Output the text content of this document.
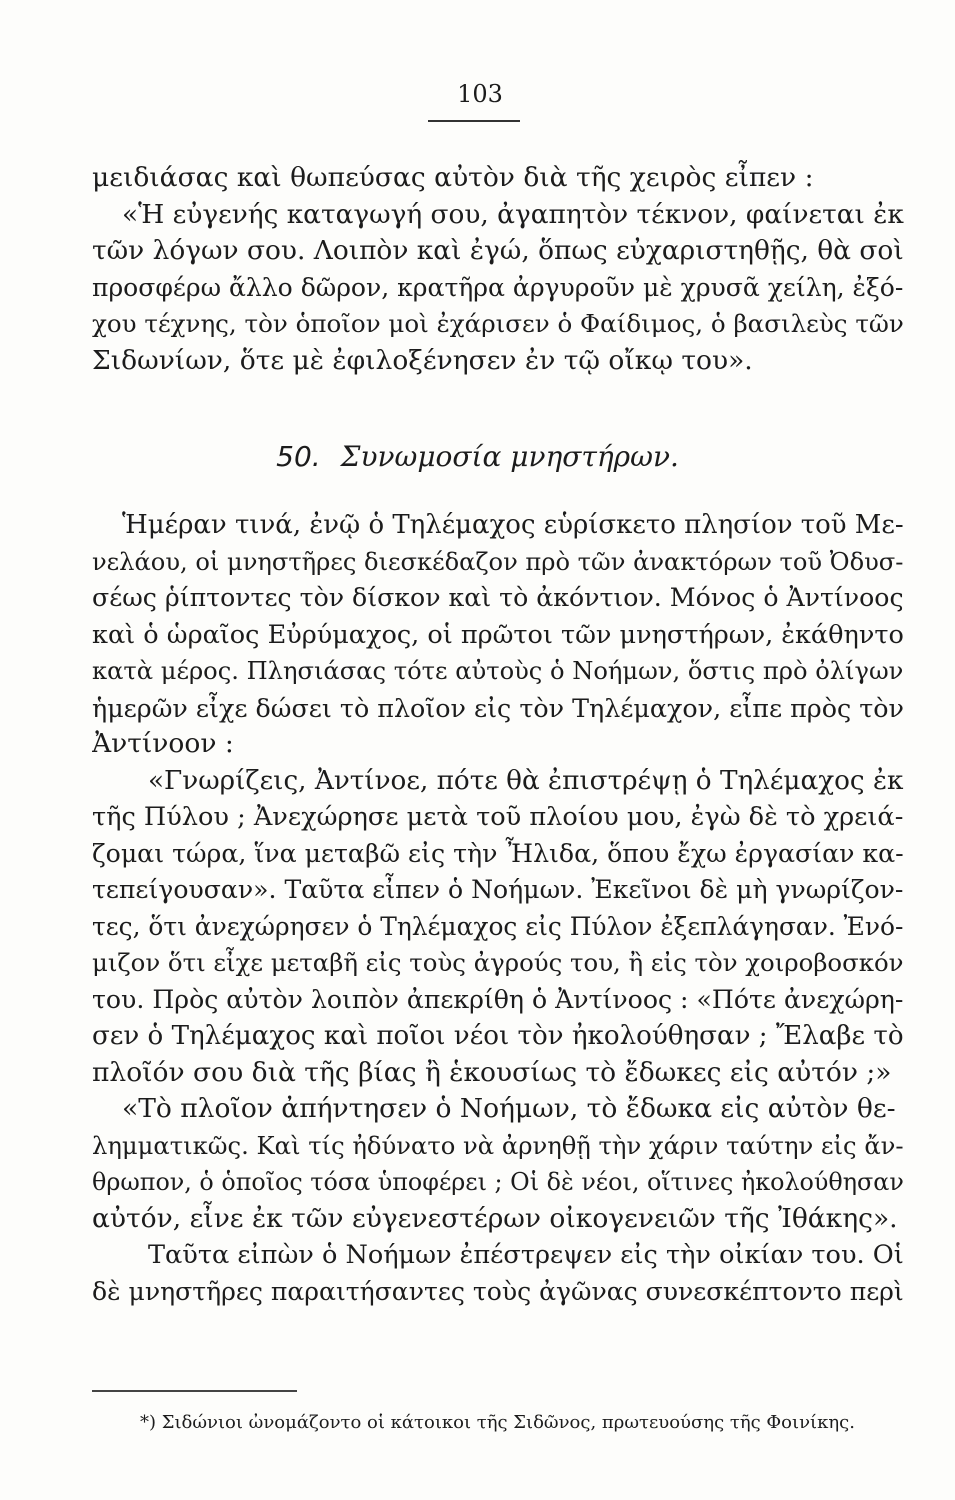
103
μειδιάσας καὶ θωπεύσας αὐτὸν διὰ τῆς χειρὸς εἶπεν :
«Ἡ εὐγενής καταγωγή σου, ἀγαπητὸν τέκνον, φαίνεται ἐκ
τῶν λόγων σου. Λοιπὸν καὶ ἐγώ, ὅπως εὐχαριστηθῇς, θὰ σοὶ
προσφέρω ἄλλο δῶρον, κρατῆρα ἀργυροῦν μὲ χρυσᾶ χείλη, ἐξό-
χου τέχνης, τὸν ὁποῖον μοὶ ἐχάρισεν ὁ Φαίδιμος, ὁ βασιλεὺς τῶν
Σιδωνίων, ὅτε μὲ ἐφιλοξένησεν ἐν τῷ οἴκῳ του».
50. Συνωμοσία μνηστήρων.
Ἡμέραν τινά, ἐνῷ ὁ Τηλέμαχος εὑρίσκετο πλησίον τοῦ Με-
νελάου, οἱ μνηστῆρες διεσκέδαζον πρὸ τῶν ἀνακτόρων τοῦ Ὀδυσ-
σέως ῥίπτοντες τὸν δίσκον καὶ τὸ ἀκόντιον. Μόνος ὁ Ἀντίνοος
καὶ ὁ ὡραῖος Εὐρύμαχος, οἱ πρῶτοι τῶν μνηστήρων, ἐκάθηντο
κατὰ μέρος. Πλησιάσας τότε αὐτοὺς ὁ Νοήμων, ὅστις πρὸ ὀλίγων
ἡμερῶν εἶχε δώσει τὸ πλοῖον εἰς τὸν Τηλέμαχον, εἶπε πρὸς τὸν
Ἀντίνοον :
«Γνωρίζεις, Ἀντίνοε, πότε θὰ ἐπιστρέψῃ ὁ Τηλέμαχος ἐκ
τῆς Πύλου ; Ἀνεχώρησε μετὰ τοῦ πλοίου μου, ἐγὼ δὲ τὸ χρειά-
ζομαι τώρα, ἵνα μεταβῶ εἰς τὴν Ἦλιδα, ὅπου ἔχω ἐργασίαν κα-
τεπείγουσαν». Ταῦτα εἶπεν ὁ Νοήμων. Ἐκεῖνοι δὲ μὴ γνωρίζον-
τες, ὅτι ἀνεχώρησεν ὁ Τηλέμαχος εἰς Πύλον ἐξεπλάγησαν. Ἐνό-
μιζον ὅτι εἶχε μεταβῆ εἰς τοὺς ἀγρούς του, ἢ εἰς τὸν χοιροβοσκόν
του. Πρὸς αὐτὸν λοιπὸν ἀπεκρίθη ὁ Ἀντίνοος : «Πότε ἀνεχώρη-
σεν ὁ Τηλέμαχος καὶ ποῖοι νέοι τὸν ἠκολούθησαν ; Ἔλαβε τὸ
πλοῖόν σου διὰ τῆς βίας ἢ ἑκουσίως τὸ ἔδωκες εἰς αὐτόν ;»
«Τὸ πλοῖον ἀπήντησεν ὁ Νοήμων, τὸ ἔδωκα εἰς αὐτὸν θε-
λημματικῶς. Καὶ τίς ἠδύνατο νὰ ἀρνηθῇ τὴν χάριν ταύτην εἰς ἄν-
θρωπον, ὁ ὁποῖος τόσα ὑποφέρει ; Οἱ δὲ νέοι, οἵτινες ἠκολούθησαν
αὐτόν, εἶνε ἐκ τῶν εὐγενεστέρων οἰκογενειῶν τῆς Ἰθάκης».
Ταῦτα εἰπὼν ὁ Νοήμων ἐπέστρεψεν εἰς τὴν οἰκίαν του. Οἱ
δὲ μνηστῆρες παραιτήσαντες τοὺς ἀγῶνας συνεσκέπτοντο περὶ
*) Σιδώνιοι ὠνομάζοντο οἱ κάτοικοι τῆς Σιδῶνος, πρωτευούσης τῆς Φοινίκης.
